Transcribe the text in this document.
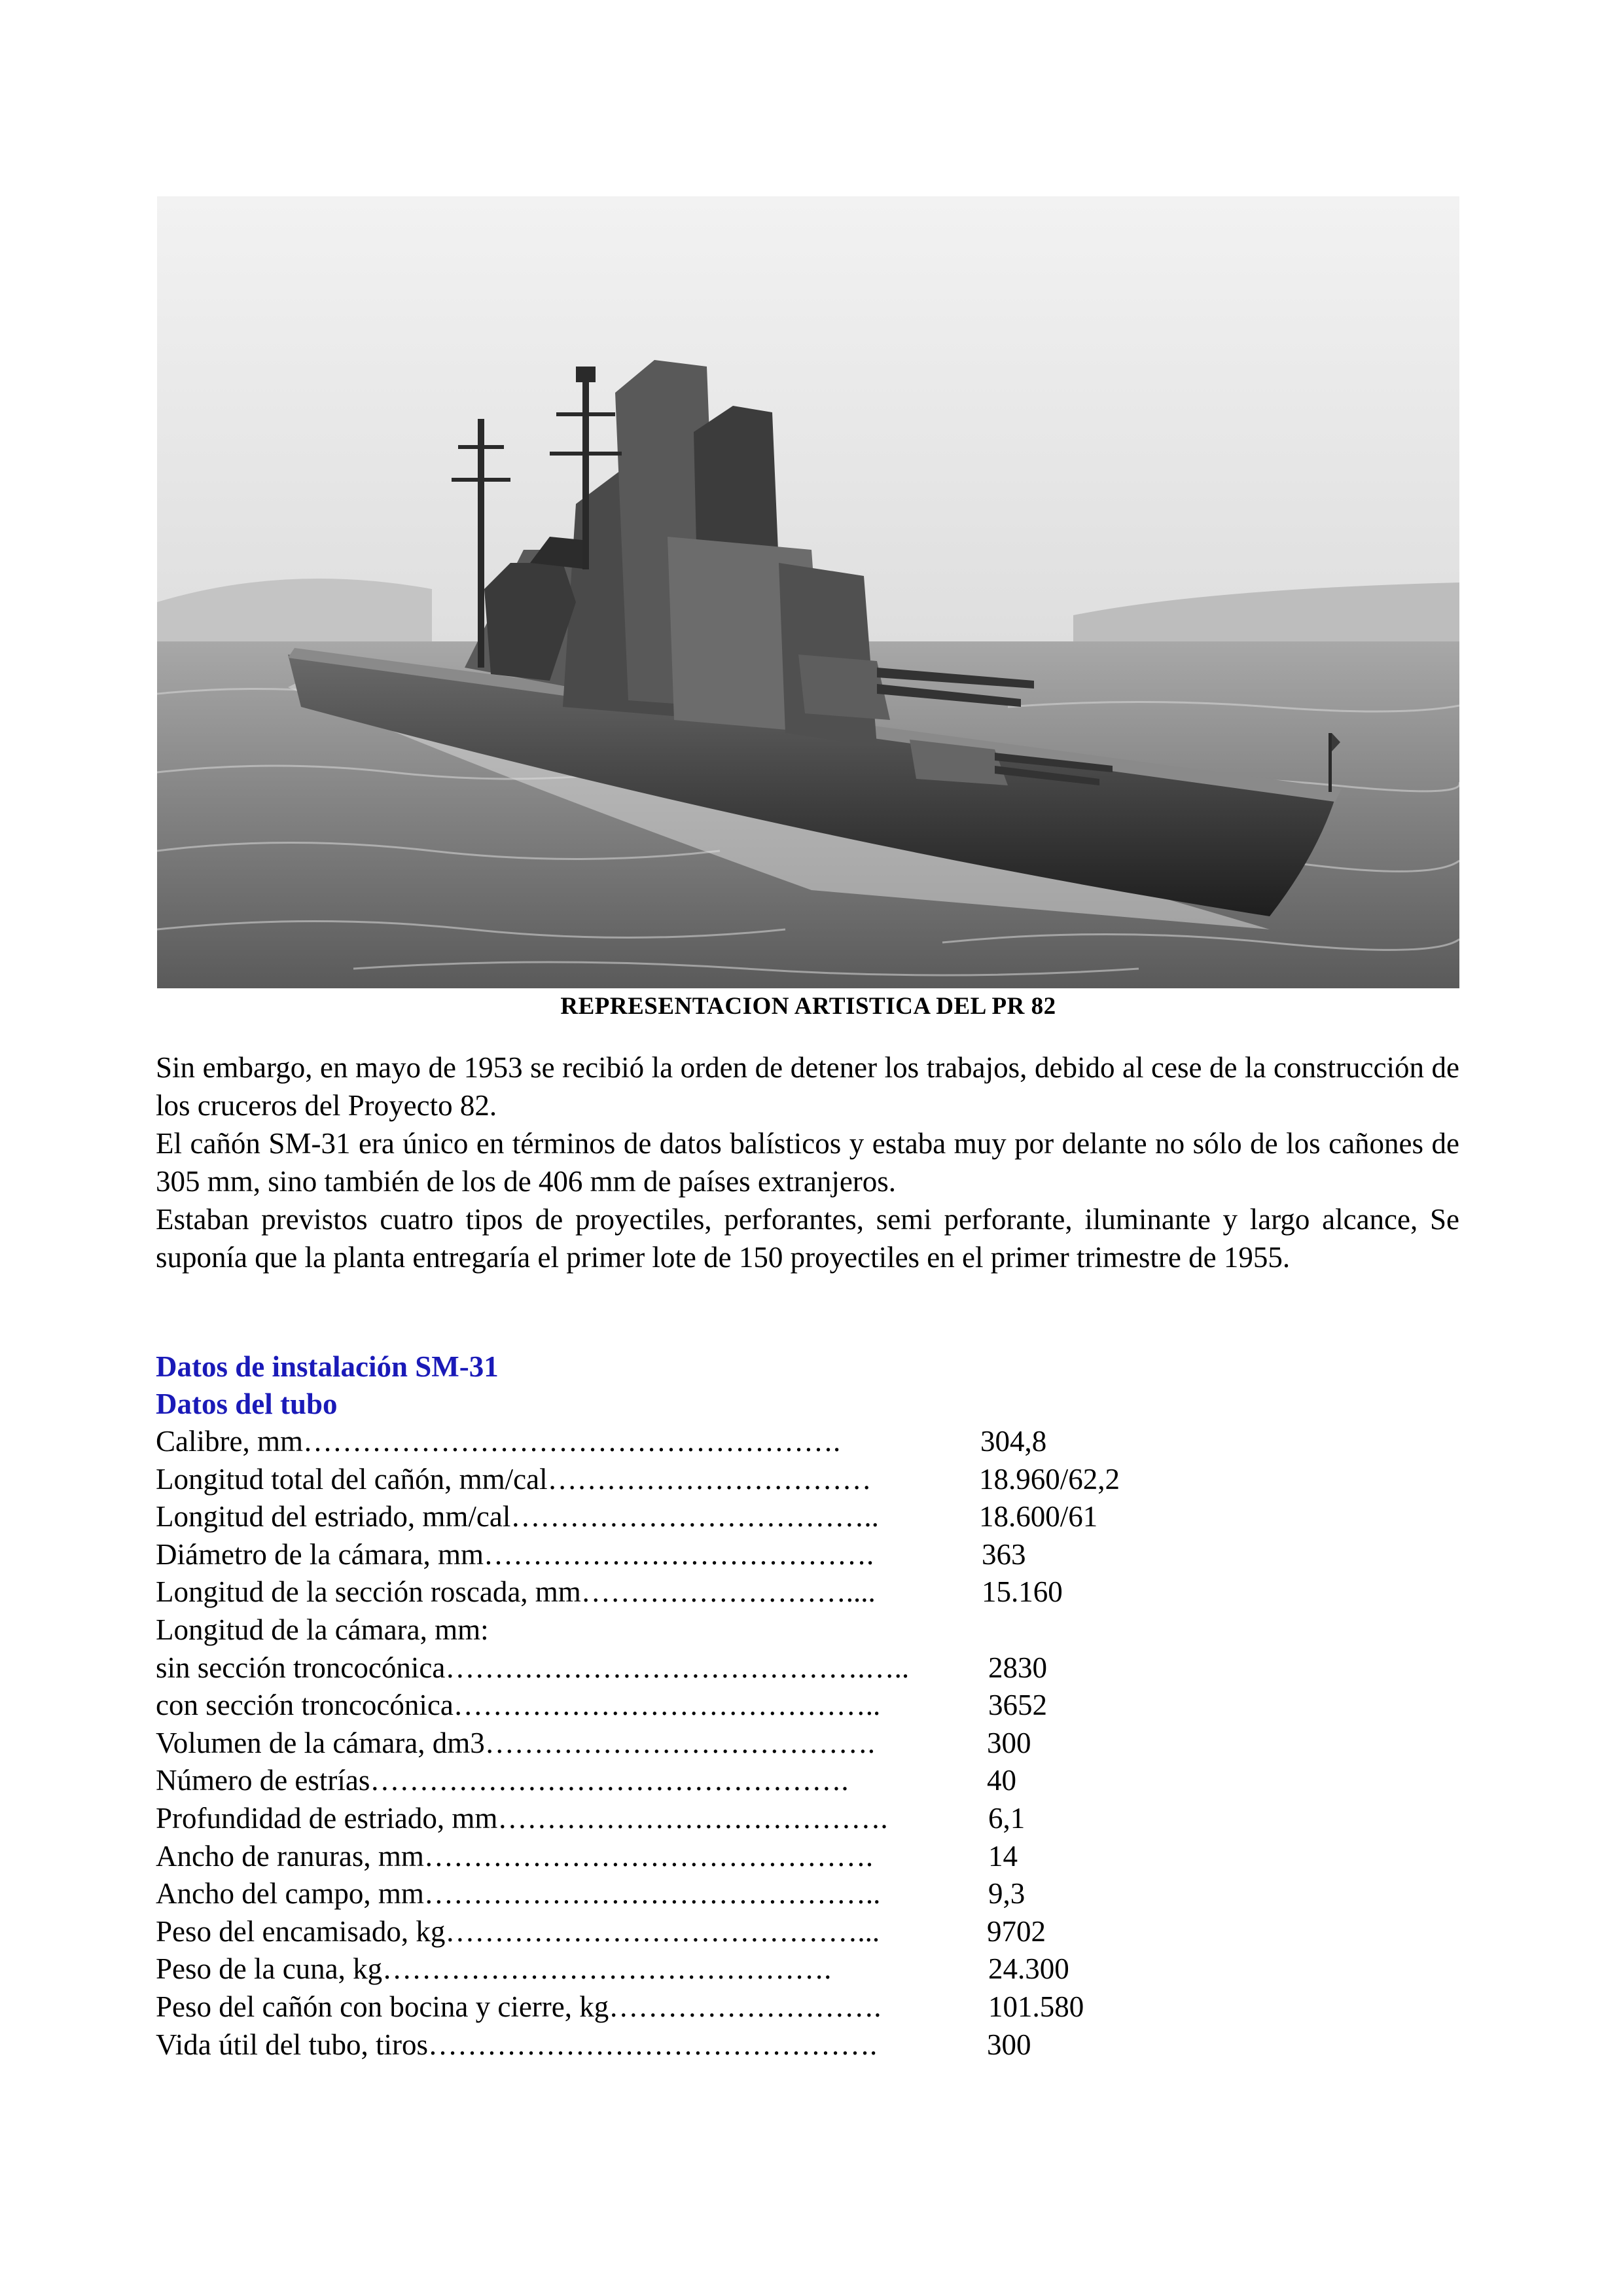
REPRESENTACION ARTISTICA DEL PR 82

Sin embargo, en mayo de 1953 se recibió la orden de detener los trabajos, debido al cese de la construcción de los cruceros del Proyecto 82.

El cañón SM-31 era único en términos de datos balísticos y estaba muy por delante no sólo de los cañones de 305 mm, sino también de los de 406 mm de países extranjeros.

Estaban previstos cuatro tipos de proyectiles, perforantes, semi perforante, iluminante y largo alcance, Se suponía que la planta entregaría el primer lote de 150 proyectiles en el primer trimestre de 1955.

Datos de instalación SM-31
Datos del tubo
Calibre, mm……………………………………………….	304,8
Longitud total del cañón, mm/cal……………………………	18.960/62,2
Longitud del estriado, mm/cal………………………………..	18.600/61
Diámetro de la cámara, mm………………………………….	363
Longitud de la sección roscada, mm………………………....	15.160
Longitud de la cámara, mm:
sin sección troncocónica…………………………………….…..	2830
con sección troncocónica……………………………………..	3652
Volumen de la cámara, dm3………………………………….	300
Número de estrías………………………………………….	40
Profundidad de estriado, mm………………………………….	6,1
Ancho de ranuras, mm……………………………………….	14
Ancho del campo, mm………………………………………..	9,3
Peso del encamisado, kg……………………………………...	9702
Peso de la cuna, kg……………………………………….	24.300
Peso del cañón con bocina y cierre, kg……………………….	101.580
Vida útil del tubo, tiros……………………………………….	300
